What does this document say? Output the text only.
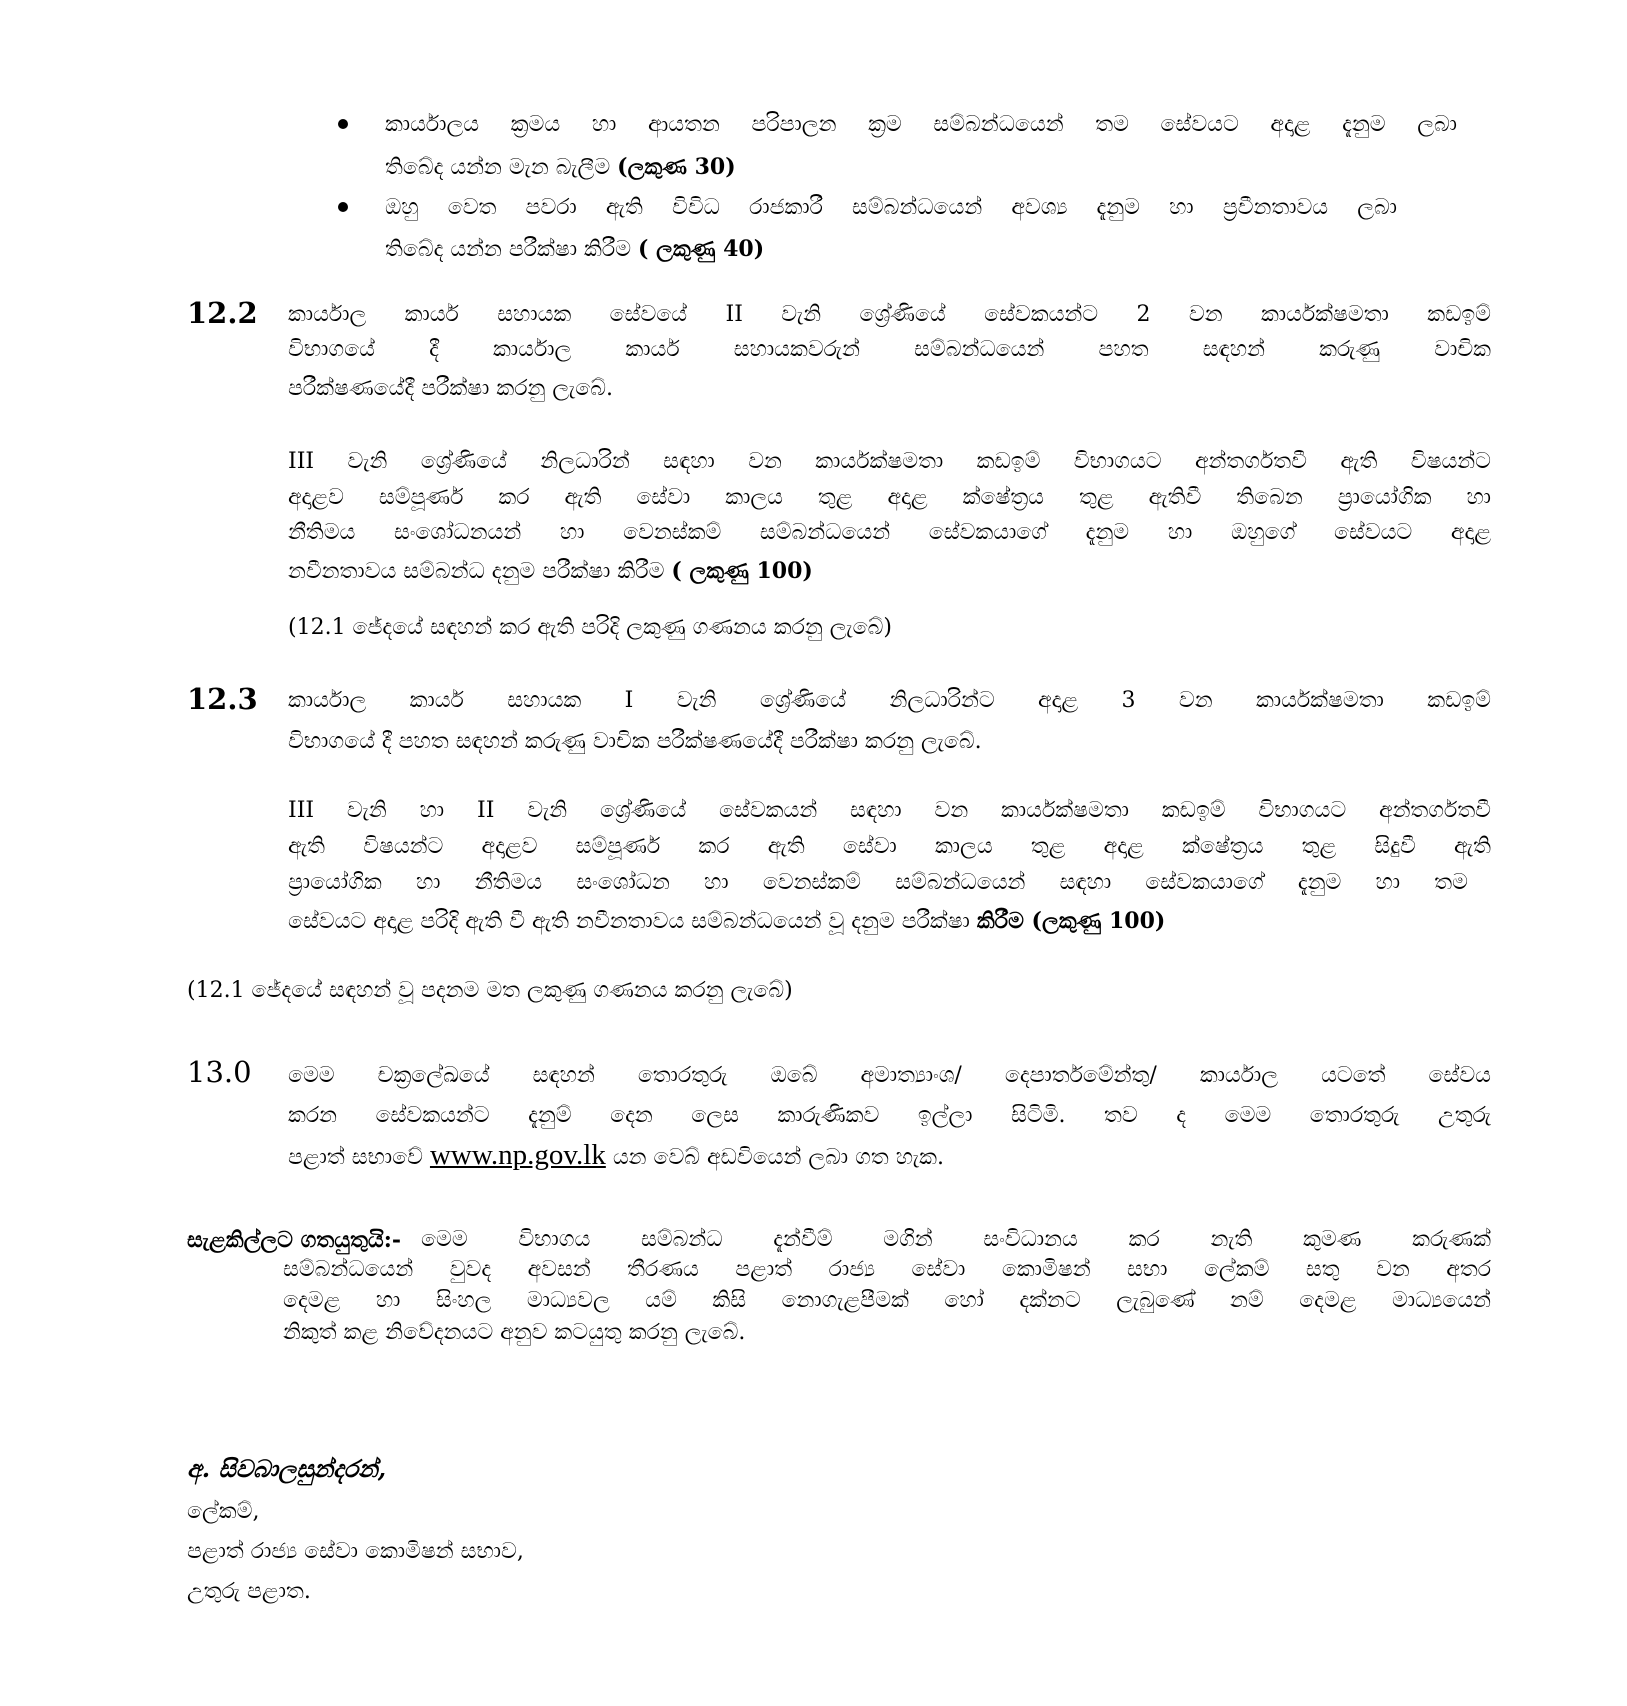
කාර්යාලය ක්‍රමය හා ආයතන පරිපාලන ක්‍රම සම්බන්ධයෙන් තම සේවයට අදාළ දැනුම ලබා
තිබේද යන්න මැන බැලීම (ලකුණ 30)
ඔහු වෙත පවරා ඇති විවිධ රාජකාරී සම්බන්ධයෙන් අවශ්‍ය දැනුම හා ප්‍රවීනතාවය ලබා
තිබේද යන්න පරීක්ෂා කිරීම ( ලකුණු 40)
12.2 කාර්යාල කාර්ය සහායක සේවයේ II වැනි ශ්‍රේණියේ සේවකයන්ට 2 වන කාර්යක්ෂමතා කඩඉම්
විභාගයේ දී කාර්යාල කාර්ය සහායකවරුන් සම්බන්ධයෙන් පහත සඳහන් කරුණු වාචික
පරීක්ෂණයේදී පරීක්ෂා කරනු ලැබේ.
III වැනි ශ්‍රේණියේ නිලධාරින් සඳහා වන කාර්යක්ෂමතා කඩඉම් විභාගයට අන්තර්ගතවී ඇති විෂයන්ට
අදාළව සම්පූර්ණ කර ඇති සේවා කාලය තුළ අදාළ ක්ෂේත්‍රය තුළ ඇතිවී තිබෙන ප්‍රායෝගික හා
නීතිමය සංශෝධනයන් හා වෙනස්කම් සම්බන්ධයෙන් සේවකයාගේ දැනුම හා ඔහුගේ සේවයට අදාළ
නවීනතාවය සම්බන්ධ දනුම පරීක්ෂා කිරීම ( ලකුණු 100)
(12.1 ජේදයේ සඳහන් කර ඇති පරිදි ලකුණු ගණනය කරනු ලැබේ)
12.3 කාර්යාල කාර්ය සහායක I වැනි ශ්‍රේණියේ නිලධාරින්ට අදාළ 3 වන කාර්යක්ෂමතා කඩඉම්
විභාගයේ දී පහත සඳහන් කරුණු වාචික පරීක්ෂණයේදී පරීක්ෂා කරනු ලැබේ.
III වැනි හා II වැනි ශ්‍රේණියේ සේවකයන් සඳහා වන කාර්යක්ෂමතා කඩඉම් විභාගයට අන්තර්ගතවී
ඇති විෂයන්ට අදාළව සම්පූර්ණ කර ඇති සේවා කාලය තුළ අදාළ ක්ෂේත්‍රය තුළ සිදුවී ඇති
ප්‍රායෝගික හා නීතිමය සංශෝධන හා වෙනස්කම් සම්බන්ධයෙන් සඳහා සේවකයාගේ දැනුම හා තම
සේවයට අදාළ පරිදි ඇති වී ඇති නවීනතාවය සම්බන්ධයෙන් වූ දනුම පරීක්ෂා කිරීම (ලකුණු 100)
(12.1 ජේදයේ සඳහන් වූ පදනම මත ලකුණු ගණනය කරනු ලැබේ)
13.0 මෙම චක්‍රලේඛයේ සඳහන් තොරතුරු ඔබේ අමාත්‍යාංශ/ දෙපාර්තමේන්තු/ කාර්යාල යටතේ සේවය
කරන සේවකයන්ට දැනුම් දෙන ලෙස කාරුණිකව ඉල්ලා සිටිමි. තව ද මෙම තොරතුරු උතුරු
පළාත් සභාවේ www.np.gov.lk යන වෙබ් අඩවියෙන් ලබා ගත හැක.
සැළකිල්ලට ගතයුතුයි:- මෙම විභාගය සම්බන්ධ දැන්වීම් මගින් සංවිධානය කර නැති කුමණ කරුණක්
සම්බන්ධයෙන් වුවද අවසන් තීරණය පළාත් රාජ්‍ය සේවා කොමිෂන් සභා ලේකම් සතු වන අතර
දෙමළ හා සිංහල මාධ්‍යවල යම් කිසි නොගැළපීමක් හෝ දක්නට ලැබුණේ නම් දෙමළ මාධ්‍යයෙන්
නිකුත් කළ නිවේදනයට අනුව කටයුතු කරනු ලැබේ.
අ. සිවබාලසුන්දරන්,
ලේකම්,
පළාත් රාජ්‍ය සේවා කොමිෂන් සභාව,
උතුරු පළාත.
